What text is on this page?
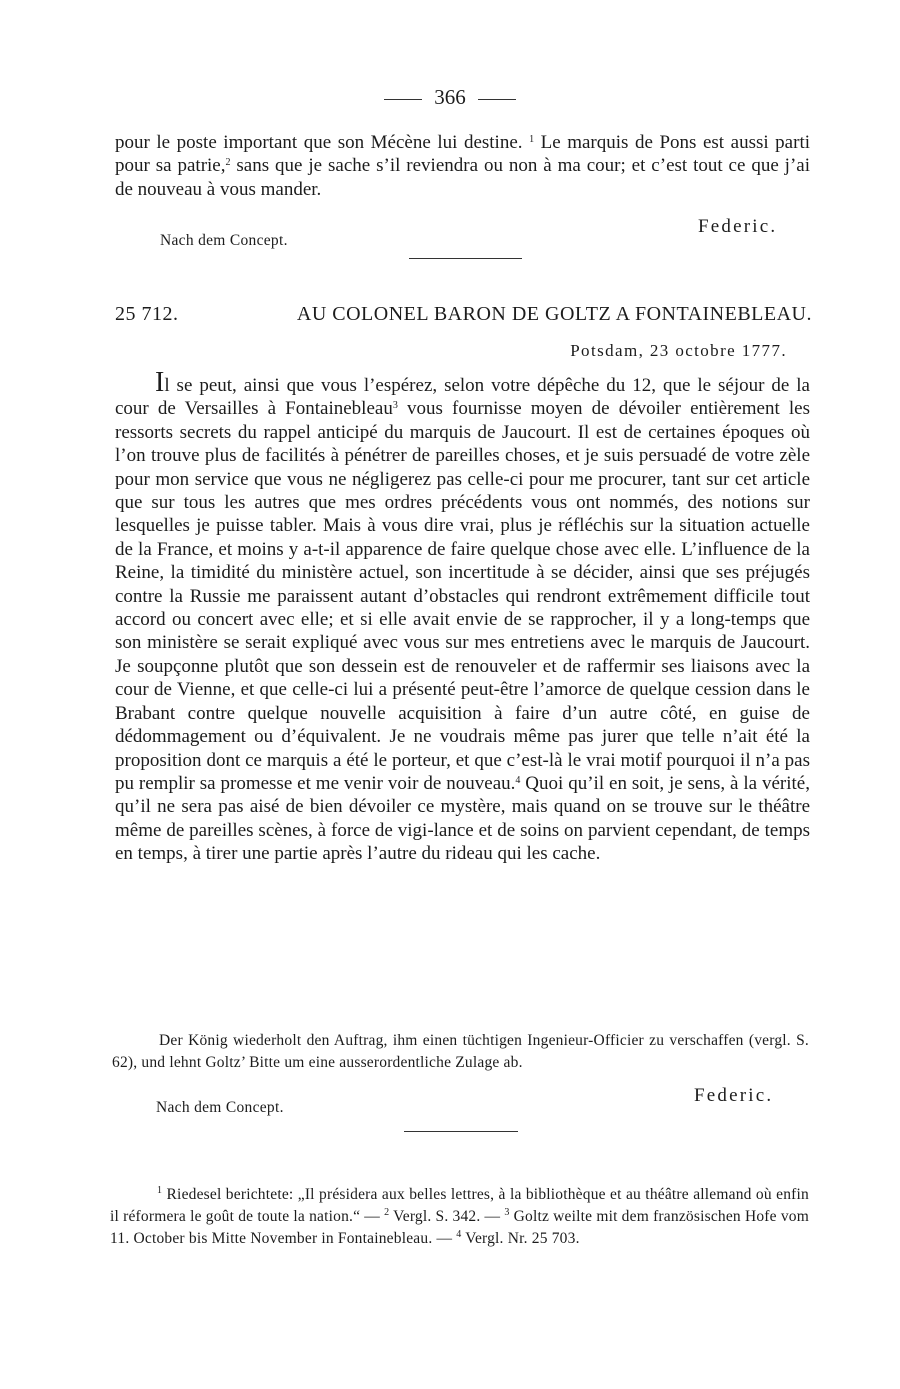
366
pour le poste important que son Mécène lui destine. $^1$ Le marquis de Pons est aussi parti pour sa patrie,$^2$ sans que je sache s’il reviendra ou non à ma cour; et c’est tout ce que j’ai de nouveau à vous mander.
Federic.
Nach dem Concept.
25 712.	AU COLONEL BARON DE GOLTZ A FONTAINEBLEAU.
Potsdam, 23 octobre 1777.
Il se peut, ainsi que vous l’espérez, selon votre dépêche du 12, que le séjour de la cour de Versailles à Fontainebleau$^3$ vous fournisse moyen de dévoiler entièrement les ressorts secrets du rappel anticipé du marquis de Jaucourt. Il est de certaines époques où l’on trouve plus de facilités à pénétrer de pareilles choses, et je suis persuadé de votre zèle pour mon service que vous ne négligerez pas celle-ci pour me procurer, tant sur cet article que sur tous les autres que mes ordres précédents vous ont nommés, des notions sur lesquelles je puisse tabler. Mais à vous dire vrai, plus je réfléchis sur la situation actuelle de la France, et moins y a-t-il apparence de faire quelque chose avec elle. L’influence de la Reine, la timidité du ministère actuel, son incertitude à se décider, ainsi que ses préjugés contre la Russie me paraissent autant d’obstacles qui rendront extrêmement difficile tout accord ou concert avec elle; et si elle avait envie de se rapprocher, il y a long-temps que son ministère se serait expliqué avec vous sur mes entretiens avec le marquis de Jaucourt. Je soupçonne plutôt que son dessein est de renouveler et de raffermir ses liaisons avec la cour de Vienne, et que celle-ci lui a présenté peut-être l’amorce de quelque cession dans le Brabant contre quelque nouvelle acquisition à faire d’un autre côté, en guise de dédommagement ou d’équivalent. Je ne voudrais même pas jurer que telle n’ait été la proposition dont ce marquis a été le porteur, et que c’est-là le vrai motif pourquoi il n’a pas pu remplir sa promesse et me venir voir de nouveau.$^4$ Quoi qu’il en soit, je sens, à la vérité, qu’il ne sera pas aisé de bien dévoiler ce mystère, mais quand on se trouve sur le théâtre même de pareilles scènes, à force de vigi-lance et de soins on parvient cependant, de temps en temps, à tirer une partie après l’autre du rideau qui les cache.
Der König wiederholt den Auftrag, ihm einen tüchtigen Ingenieur-Officier zu verschaffen (vergl. S. 62), und lehnt Goltz’ Bitte um eine ausserordentliche Zulage ab.
Federic.
Nach dem Concept.
$^1$ Riedesel berichtete: „Il présidera aux belles lettres, à la bibliothèque et au théâtre allemand où enfin il réformera le goût de toute la nation.“ — $^2$ Vergl. S. 342. — $^3$ Goltz weilte mit dem französischen Hofe vom 11. October bis Mitte November in Fontainebleau. — $^4$ Vergl. Nr. 25 703.
